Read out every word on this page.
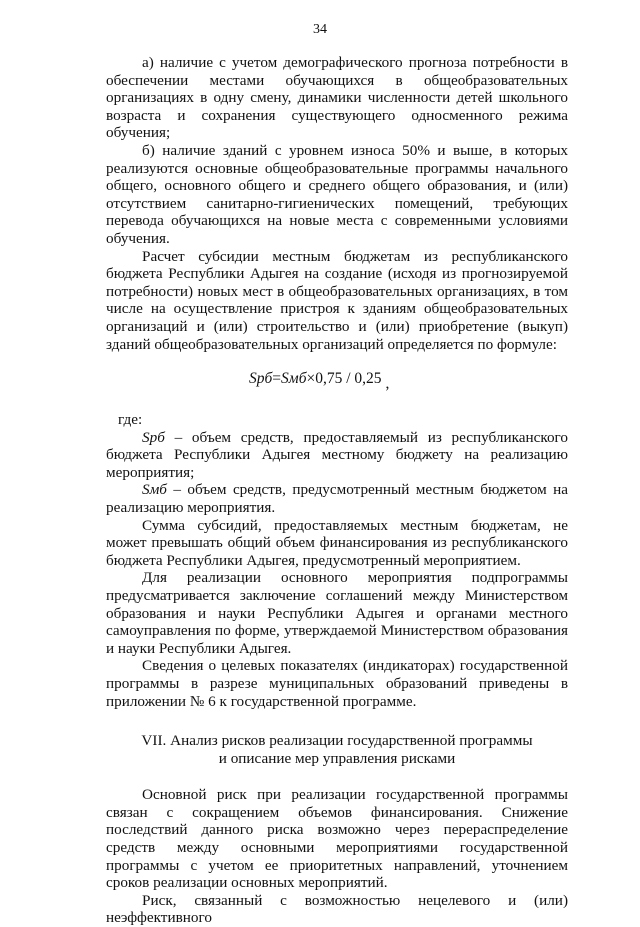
34

а) наличие с учетом демографического прогноза потребности в обеспечении местами обучающихся в общеобразовательных организациях в одну смену, динамики численности детей школьного возраста и сохранения существующего односменного режима обучения;

б) наличие зданий с уровнем износа 50% и выше, в которых реализуются основные общеобразовательные программы начального общего, основного общего и среднего общего образования, и (или) отсутствием санитарно-гигиенических помещений, требующих перевода обучающихся на новые места с современными условиями обучения.

Расчет субсидии местным бюджетам из республиканского бюджета Республики Адыгея на создание (исходя из прогнозируемой потребности) новых мест в общеобразовательных организациях, в том числе на осуществление пристроя к зданиям общеобразовательных организаций и (или) строительство и (или) приобретение (выкуп) зданий общеобразовательных организаций определяется по формуле:

Sрб=Sмб×0,75 / 0,25 ,

где:

Sрб – объем средств, предоставляемый из республиканского бюджета Республики Адыгея местному бюджету на реализацию мероприятия;

Sмб – объем средств, предусмотренный местным бюджетом на реализацию мероприятия.

Сумма субсидий, предоставляемых местным бюджетам, не может превышать общий объем финансирования из республиканского бюджета Республики Адыгея, предусмотренный мероприятием.

Для реализации основного мероприятия подпрограммы предусматривается заключение соглашений между Министерством образования и науки Республики Адыгея и органами местного самоуправления по форме, утверждаемой Министерством образования и науки Республики Адыгея.

Сведения о целевых показателях (индикаторах) государственной программы в разрезе муниципальных образований приведены в приложении № 6 к государственной программе.

VII. Анализ рисков реализации государственной программы
и описание мер управления рисками

Основной риск при реализации государственной программы связан с сокращением объемов финансирования. Снижение последствий данного риска возможно через перераспределение средств между основными мероприятиями государственной программы с учетом ее приоритетных направлений, уточнением сроков реализации основных мероприятий.

Риск, связанный с возможностью нецелевого и (или) неэффективного
